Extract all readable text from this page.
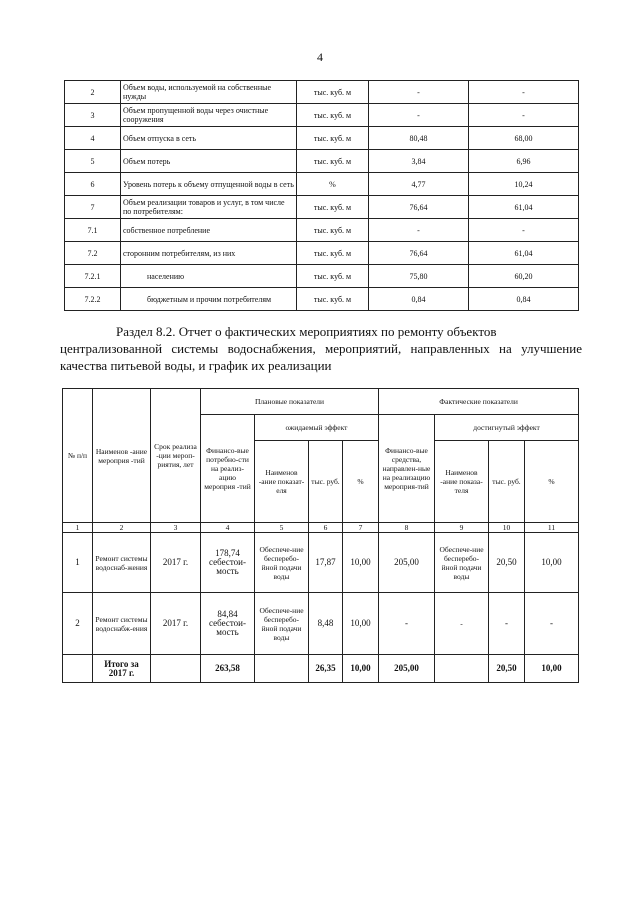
4
2	Объем воды, используемой на собственные нужды	тыс. куб. м	-	-
3	Объем пропущенной воды через очистные сооружения	тыс. куб. м	-	-
4	Объем отпуска в сеть	тыс. куб. м	80,48	68,00
5	Объем потерь	тыс. куб. м	3,84	6,96
6	Уровень потерь к объему отпущенной воды в сеть	%	4,77	10,24
7	Объем реализации товаров и услуг, в том числе по потребителям:	тыс. куб. м	76,64	61,04
7.1	собственное потребление	тыс. куб. м	-	-
7.2	сторонним потребителям, из них	тыс. куб. м	76,64	61,04
7.2.1	населению	тыс. куб. м	75,80	60,20
7.2.2	бюджетным и прочим потребителям	тыс. куб. м	0,84	0,84
Раздел 8.2. Отчет о фактических мероприятиях по ремонту объектов
централизованной системы водоснабжения, мероприятий, направленных на улучшение качества питьевой воды, и график их реализации
№ п/п	Наименов -ание мероприя -тий	Срок реализа -ции мероп-риятия, лет	Плановые показатели				Фактические показатели			
			Финансо-вые потребно-сти на реализ-ацию мероприя -тий	ожидаемый эффект			Финансо-вые средства, направлен-ные на реализацию мероприя-тий	достигнутый эффект		
				Наименов -ание показат-еля	тыс. руб.	%		Наименов -ание показа-теля	тыс. руб.	%
1	2	3	4	5	6	7	8	9	10	11
1	Ремонт системы водоснаб-жения	2017 г.	178,74 себестои-мость	Обеспече-ние бесперебо-йной подачи воды	17,87	10,00	205,00	Обеспече-ние бесперебо-йной подачи воды	20,50	10,00
2	Ремонт системы водоснабж-ения	2017 г.	84,84 себестои-мость	Обеспече-ние бесперебо-йной подачи воды	8,48	10,00	-	-	-	-
	Итого за 2017 г.		263,58		26,35	10,00	205,00		20,50	10,00
